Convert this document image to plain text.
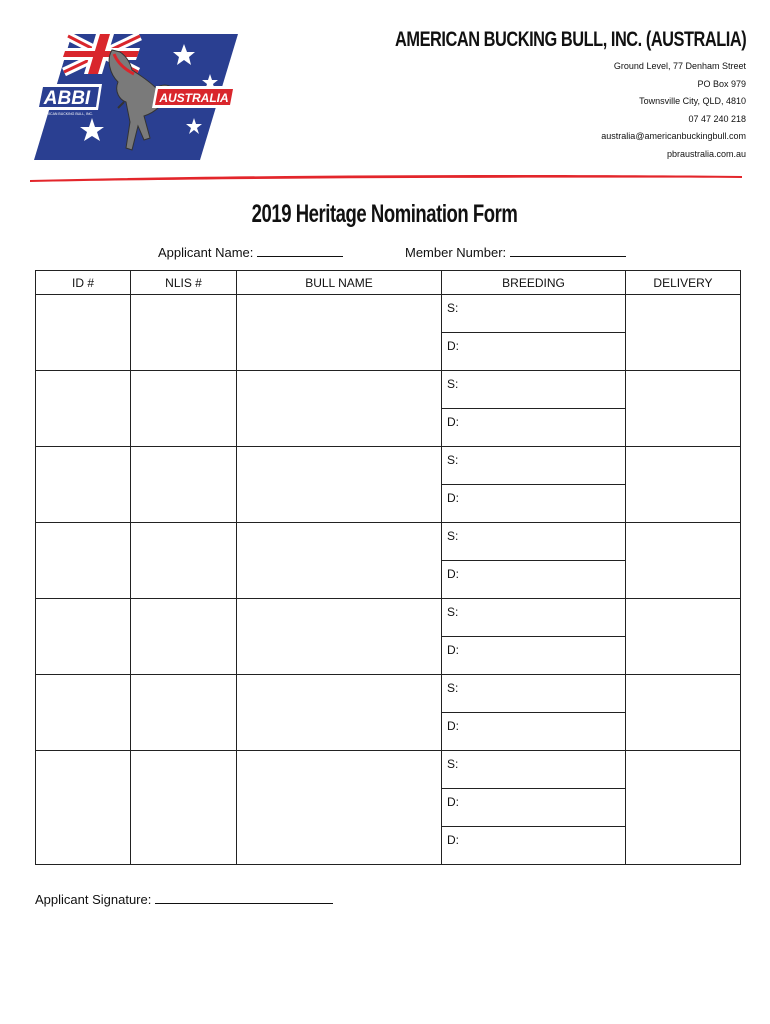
ABBI
AMERICAN BUCKING BULL, INC.
AUSTRALIA
AMERICAN BUCKING BULL, INC. (AUSTRALIA)
Ground Level, 77 Denham Street
PO Box 979
Townsville City, QLD, 4810
07 47 240 218
australia@americanbuckingbull.com
pbraustralia.com.au
2019 Heritage Nomination Form
Applicant Name:	Member Number:
ID #	NLIS #	BULL NAME	BREEDING	DELIVERY

			S:
D:	

			S:
D:	

			S:
D:	

			S:
D:	

			S:
D:	

			S:
D:	

			S:
D:
D:	

Applicant Signature:
